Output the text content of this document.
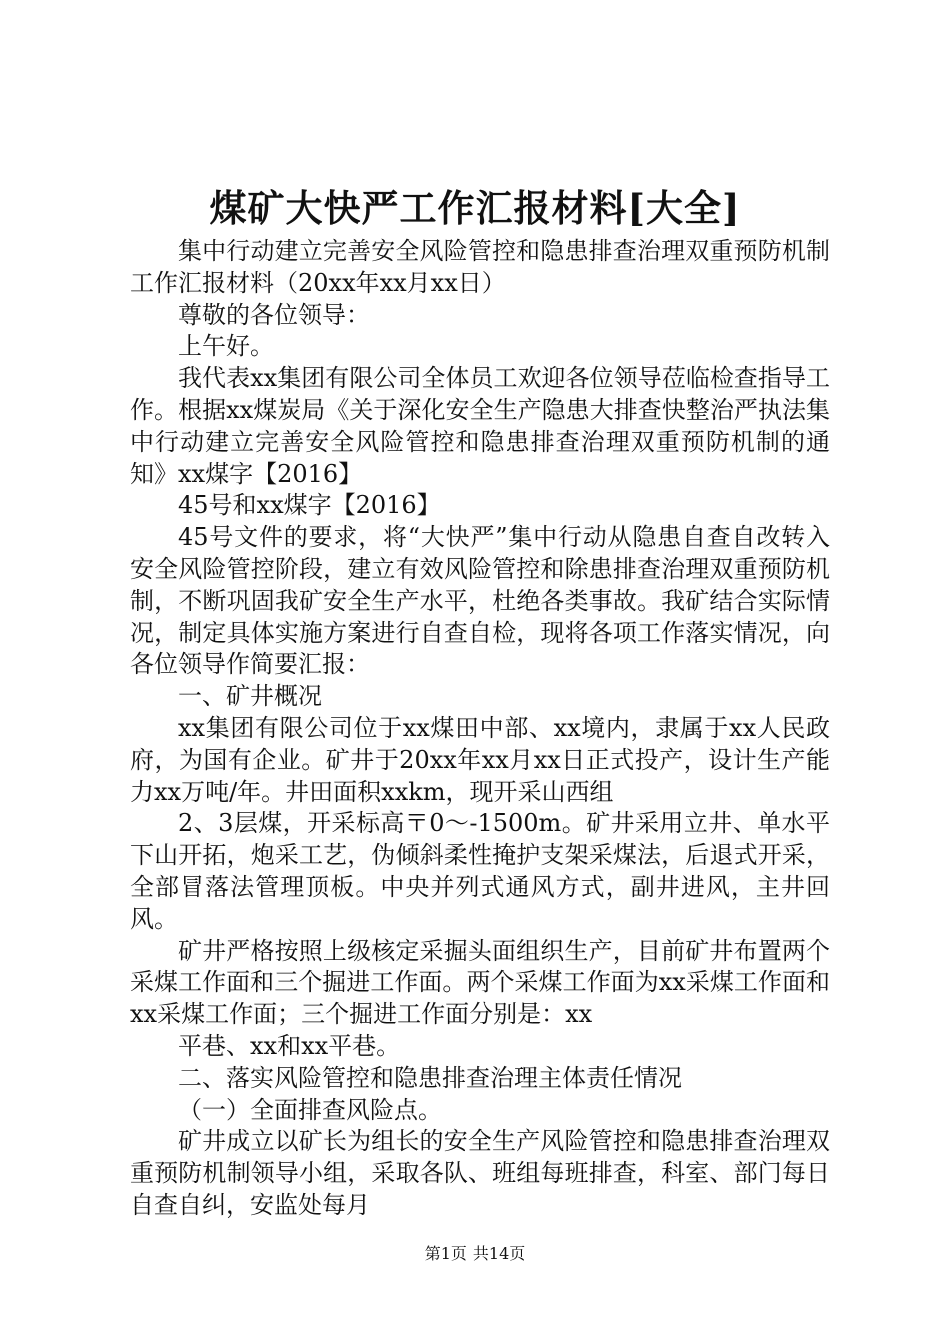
煤矿大快严工作汇报材料[大全]

集中行动建立完善安全风险管控和隐患排查治理双重预防机制工作汇报材料（20xx年xx月xx日）

尊敬的各位领导：

上午好。

我代表xx集团有限公司全体员工欢迎各位领导莅临检查指导工作。根据xx煤炭局《关于深化安全生产隐患大排查快整治严执法集中行动建立完善安全风险管控和隐患排查治理双重预防机制的通知》xx煤字【2016】

45号和xx煤字【2016】

45号文件的要求，将“大快严”集中行动从隐患自查自改转入安全风险管控阶段，建立有效风险管控和除患排查治理双重预防机制，不断巩固我矿安全生产水平，杜绝各类事故。我矿结合实际情况，制定具体实施方案进行自查自检，现将各项工作落实情况，向各位领导作简要汇报：

一、矿井概况

xx集团有限公司位于xx煤田中部、xx境内，隶属于xx人民政府，为国有企业。矿井于20xx年xx月xx日正式投产，设计生产能力xx万吨/年。井田面积xxkm，现开采山西组

2、3层煤，开采标高〒0～-1500m。矿井采用立井、单水平下山开拓，炮采工艺，伪倾斜柔性掩护支架采煤法，后退式开采，全部冒落法管理顶板。中央并列式通风方式，副井进风，主井回风。

矿井严格按照上级核定采掘头面组织生产，目前矿井布置两个采煤工作面和三个掘进工作面。两个采煤工作面为xx采煤工作面和xx采煤工作面；三个掘进工作面分别是：xx

平巷、xx和xx平巷。

二、落实风险管控和隐患排查治理主体责任情况

（一）全面排查风险点。

矿井成立以矿长为组长的安全生产风险管控和隐患排查治理双重预防机制领导小组，采取各队、班组每班排查，科室、部门每日自查自纠，安监处每月

第1页 共14页
